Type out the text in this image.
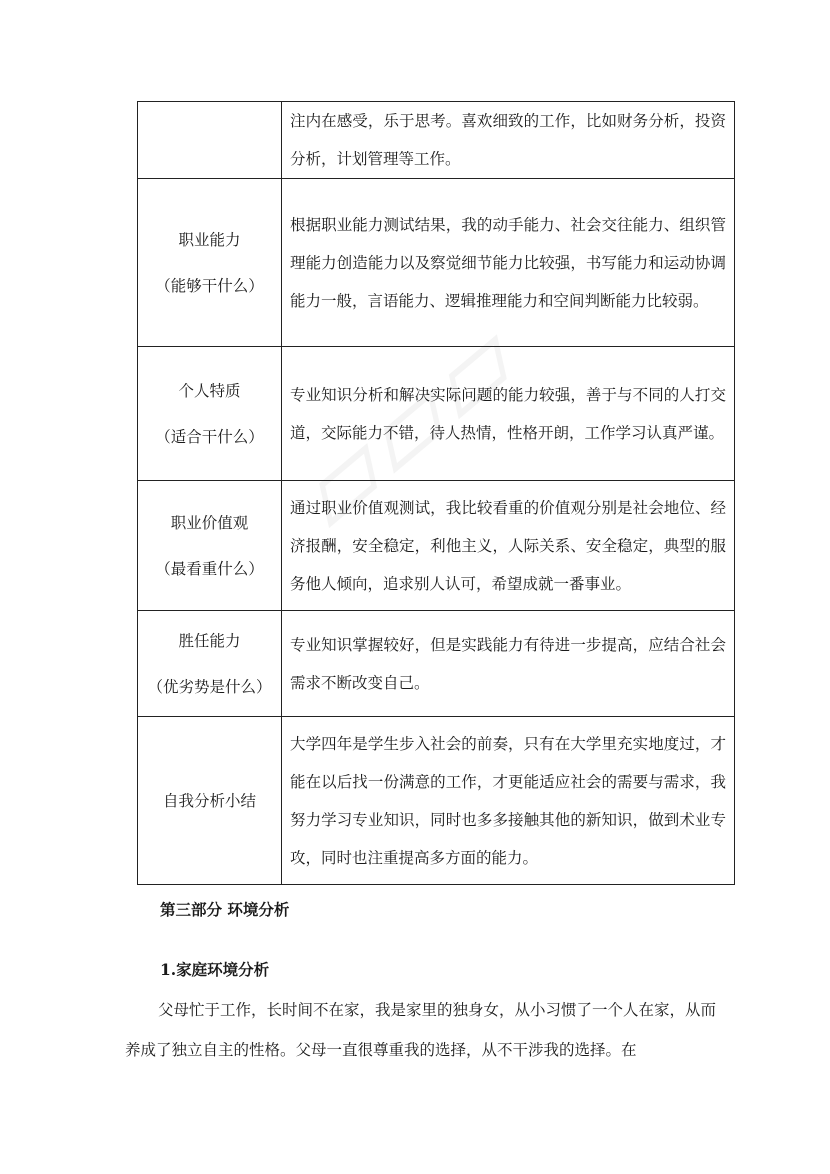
	注内在感受，乐于思考。喜欢细致的工作，比如财务分析，投资分析，计划管理等工作。

职业能力
（能够干什么）	根据职业能力测试结果，我的动手能力、社会交往能力、组织管理能力创造能力以及察觉细节能力比较强，书写能力和运动协调能力一般，言语能力、逻辑推理能力和空间判断能力比较弱。

个人特质
（适合干什么）	专业知识分析和解决实际问题的能力较强，善于与不同的人打交道，交际能力不错，待人热情，性格开朗，工作学习认真严谨。

职业价值观
（最看重什么）	通过职业价值观测试，我比较看重的价值观分别是社会地位、经济报酬，安全稳定，利他主义，人际关系、安全稳定，典型的服务他人倾向，追求别人认可，希望成就一番事业。

胜任能力
（优劣势是什么）	专业知识掌握较好，但是实践能力有待进一步提高，应结合社会需求不断改变自己。

自我分析小结	大学四年是学生步入社会的前奏，只有在大学里充实地度过，才能在以后找一份满意的工作，才更能适应社会的需要与需求，我努力学习专业知识，同时也多多接触其他的新知识，做到术业专攻，同时也注重提高多方面的能力。
第三部分 环境分析
1.家庭环境分析
父母忙于工作，长时间不在家，我是家里的独身女，从小习惯了一个人在家，从而养成了独立自主的性格。父母一直很尊重我的选择，从不干涉我的选择。在
